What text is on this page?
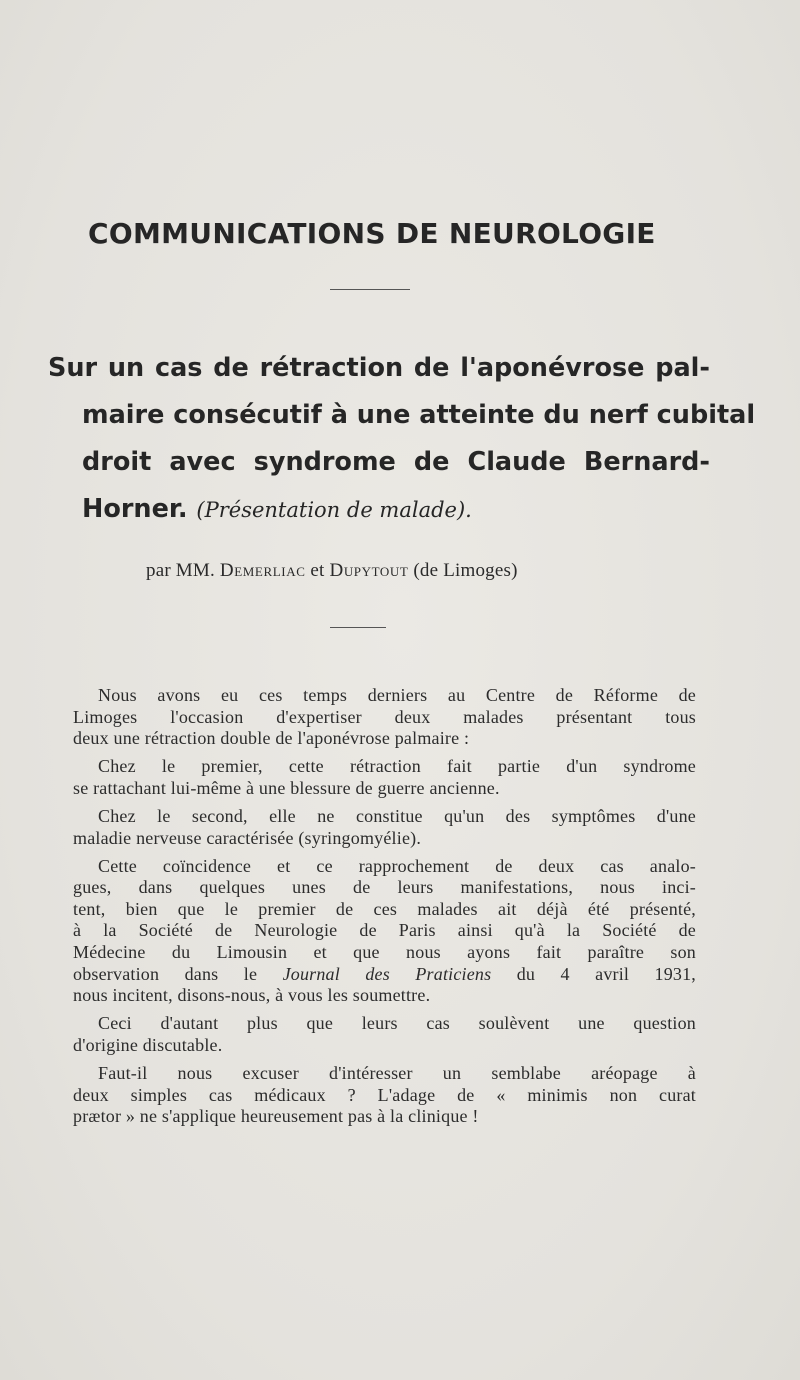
COMMUNICATIONS DE NEUROLOGIE
Sur un cas de rétraction de l'aponévrose pal-
maire consécutif à une atteinte du nerf cubital
droit avec syndrome de Claude Bernard-
Horner. (Présentation de malade).
par MM. Demerliac et Dupytout (de Limoges)

Nous avons eu ces temps derniers au Centre de Réforme de
Limoges l'occasion d'expertiser deux malades présentant tous
deux une rétraction double de l'aponévrose palmaire :

Chez le premier, cette rétraction fait partie d'un syndrome
se rattachant lui-même à une blessure de guerre ancienne.

Chez le second, elle ne constitue qu'un des symptômes d'une
maladie nerveuse caractérisée (syringomyélie).

Cette coïncidence et ce rapprochement de deux cas analo-
gues, dans quelques unes de leurs manifestations, nous inci-
tent, bien que le premier de ces malades ait déjà été présenté,
à la Société de Neurologie de Paris ainsi qu'à la Société de
Médecine du Limousin et que nous ayons fait paraître son
observation dans le Journal des Praticiens du 4 avril 1931,
nous incitent, disons-nous, à vous les soumettre.

Ceci d'autant plus que leurs cas soulèvent une question
d'origine discutable.

Faut-il nous excuser d'intéresser un semblabe aréopage à
deux simples cas médicaux ? L'adage de « minimis non curat
prætor » ne s'applique heureusement pas à la clinique !
